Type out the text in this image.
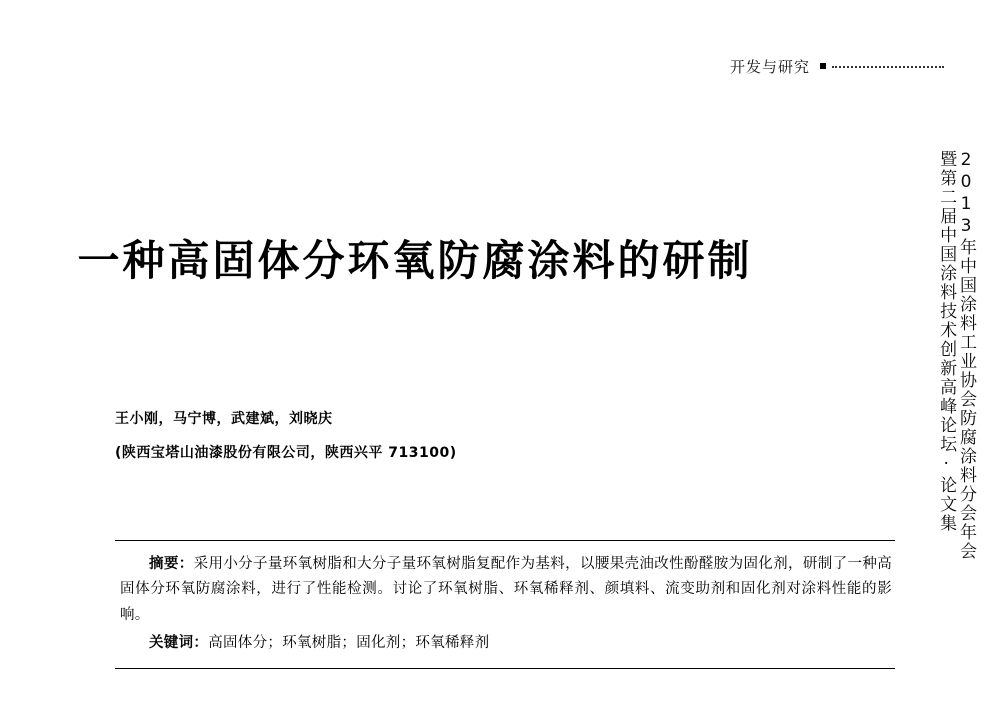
开发与研究
2013年中国涂料工业协会防腐涂料分会年会
暨第二届中国涂料技术创新高峰论坛·论文集
一种高固体分环氧防腐涂料的研制
王小刚，马宁博，武建斌，刘晓庆
(陕西宝塔山油漆股份有限公司，陕西兴平 713100)

摘要：采用小分子量环氧树脂和大分子量环氧树脂复配作为基料，以腰果壳油改性酚醛胺为固化剂，研制了一种高固体分环氧防腐涂料，进行了性能检测。讨论了环氧树脂、环氧稀释剂、颜填料、流变助剂和固化剂对涂料性能的影响。

关键词：高固体分；环氧树脂；固化剂；环氧稀释剂
